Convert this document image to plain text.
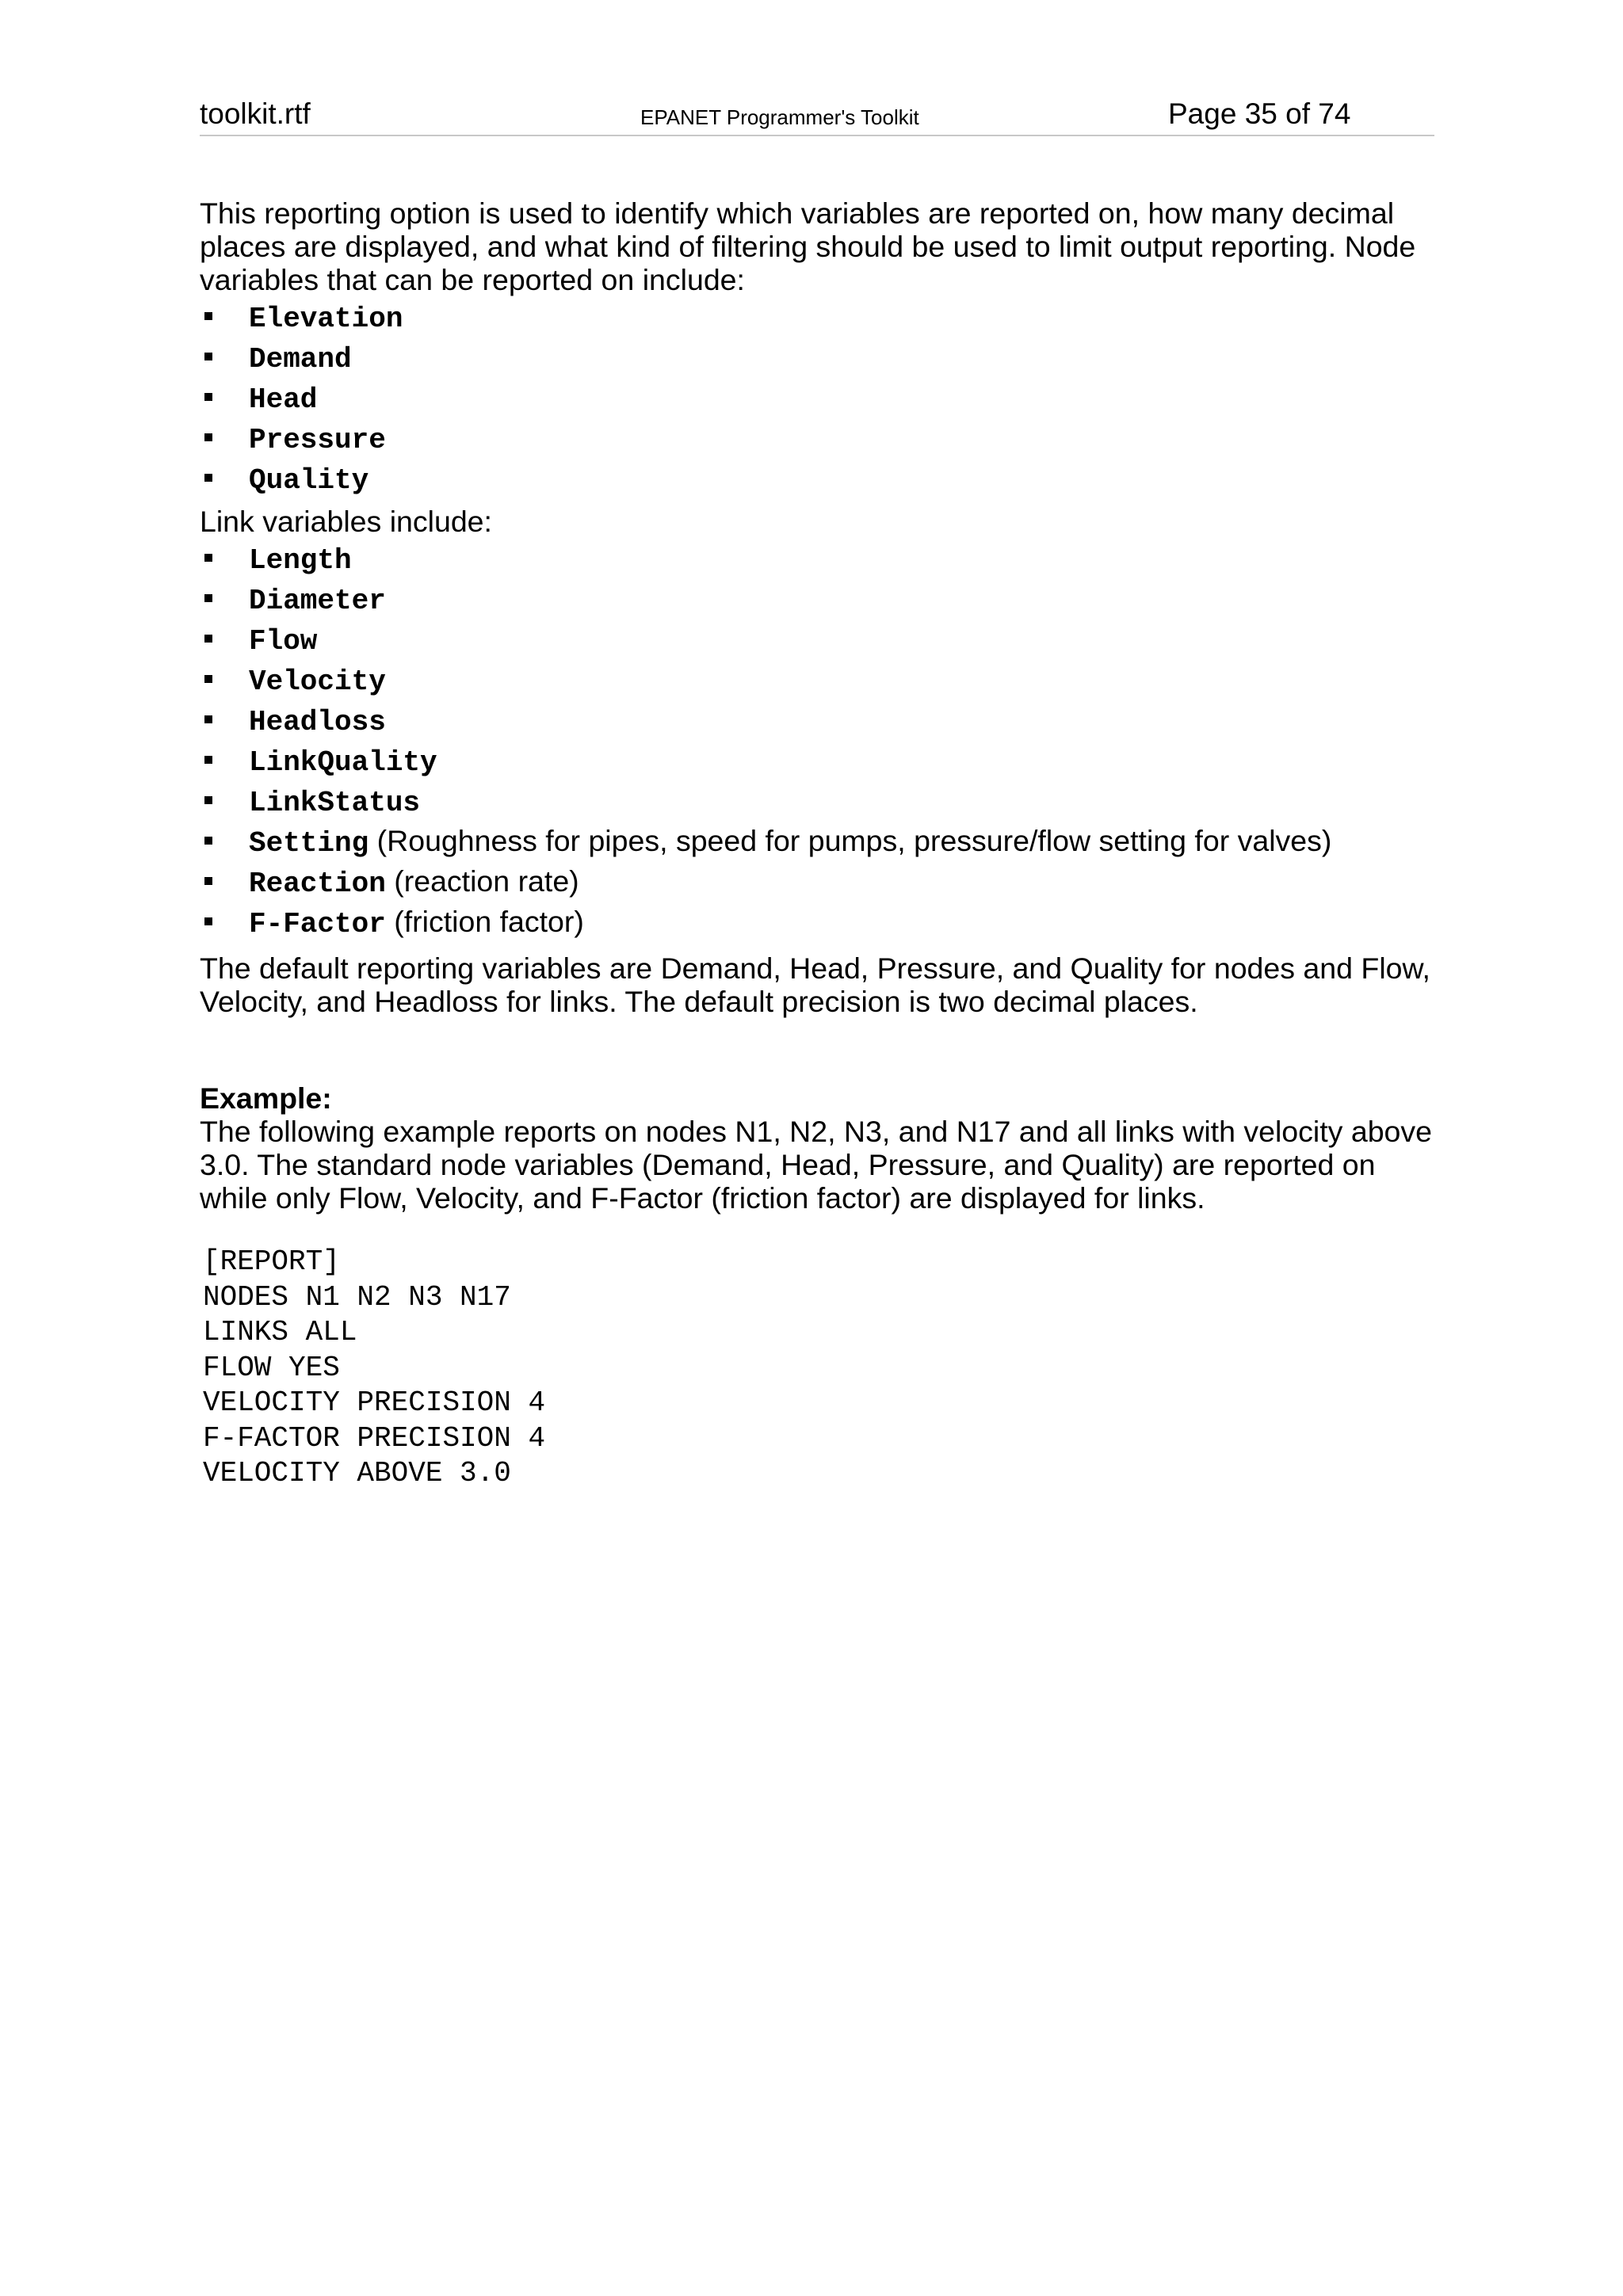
toolkit.rtf	EPANET Programmer's Toolkit	Page 35 of 74

This reporting option is used to identify which variables are reported on, how many decimal places are displayed, and what kind of filtering should be used to limit output reporting. Node variables that can be reported on include:

Elevation
Demand
Head
Pressure
Quality

Link variables include:

Length
Diameter
Flow
Velocity
Headloss
LinkQuality
LinkStatus
Setting (Roughness for pipes, speed for pumps, pressure/flow setting for valves)
Reaction (reaction rate)
F-Factor (friction factor)

The default reporting variables are Demand, Head, Pressure, and Quality for nodes and Flow, Velocity, and Headloss for links. The default precision is two decimal places.

Example:

The following example reports on nodes N1, N2, N3, and N17 and all links with velocity above 3.0. The standard node variables (Demand, Head, Pressure, and Quality) are reported on while only Flow, Velocity, and F-Factor (friction factor) are displayed for links.

[REPORT]
NODES N1 N2 N3 N17
LINKS ALL
FLOW YES
VELOCITY PRECISION 4
F-FACTOR PRECISION 4
VELOCITY ABOVE 3.0
